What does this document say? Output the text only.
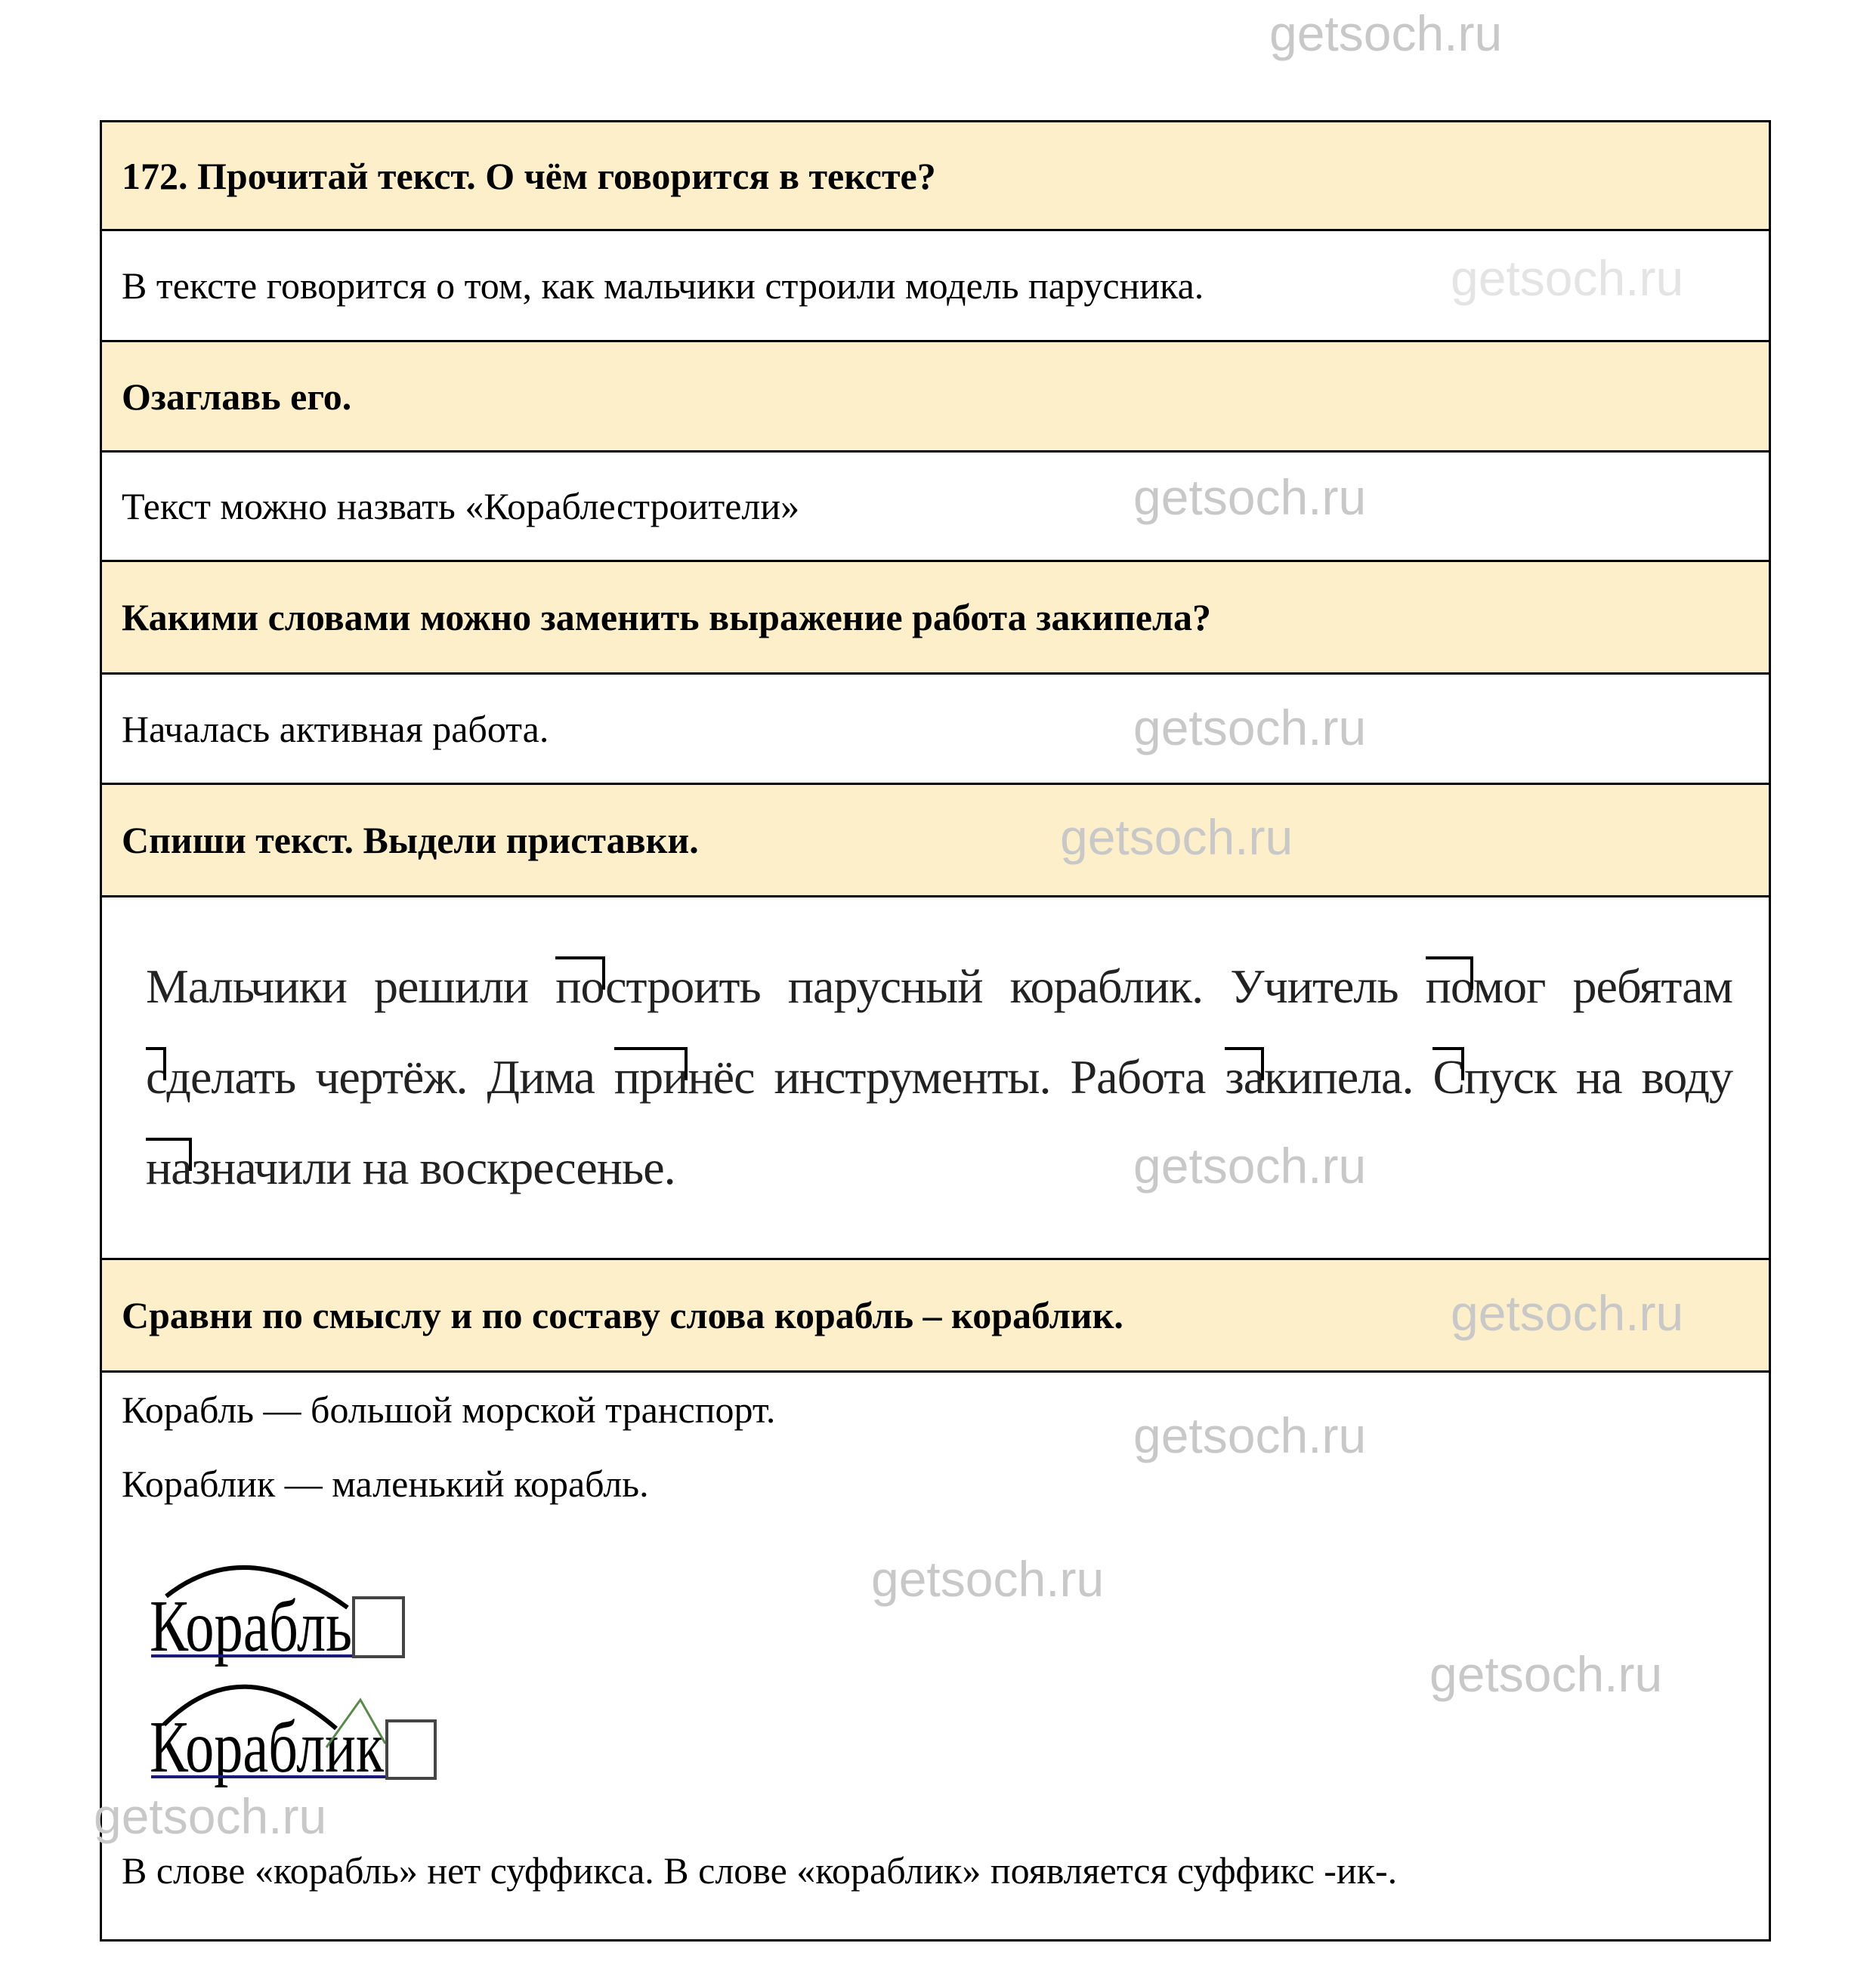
172. Прочитай текст. О чём говорится в тексте?
В тексте говорится о том, как мальчики строили модель парусника.
Озаглавь его.
Текст можно назвать «Кораблестроители»
Какими словами можно заменить выражение работа закипела?
Началась активная работа.
Спиши текст. Выдели приставки.
Мальчики решили построить парусный кораблик. Учитель помог ребятам сделать чертёж. Дима принёс инструменты. Работа закипела. Спуск на воду назначили на воскресенье.
Сравни по смыслу и по составу слова корабль – кораблик.
Корабль — большой морской транспорт.
Кораблик — маленький корабль.
В слове «корабль» нет суффикса. В слове «кораблик» появляется суффикс -ик-.
Корабль
Кораблик
getsoch.ru
getsoch.ru
getsoch.ru
getsoch.ru
getsoch.ru
getsoch.ru
getsoch.ru
getsoch.ru
getsoch.ru
getsoch.ru
getsoch.ru
